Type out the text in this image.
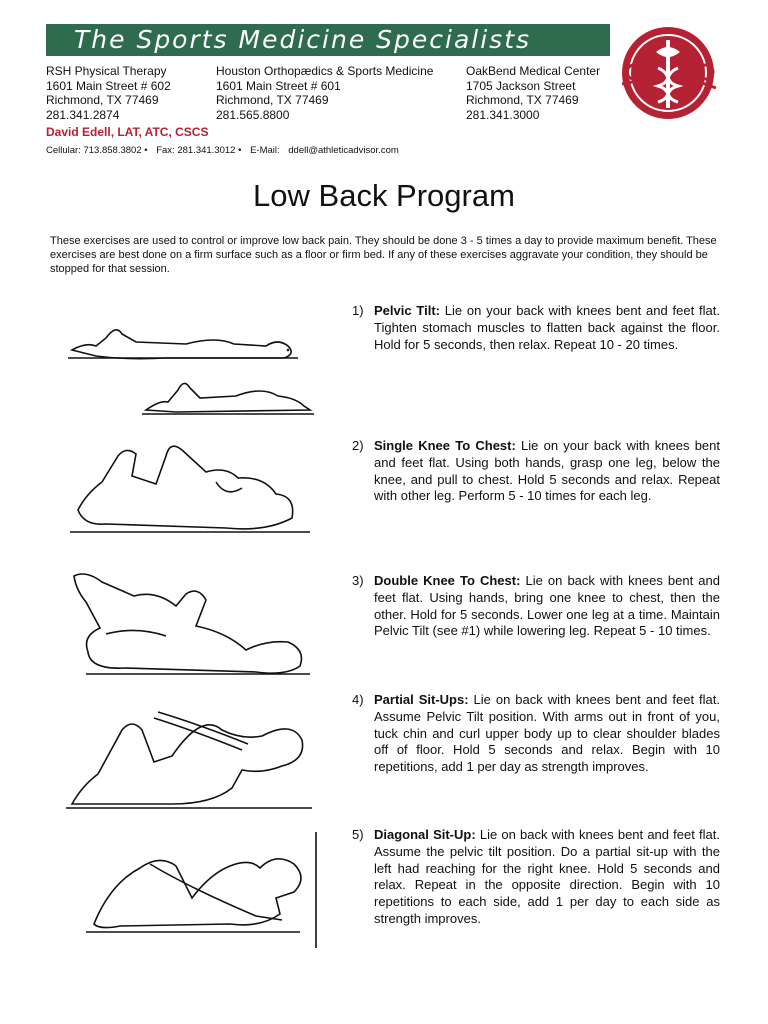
The Sports Medicine Specialists
RSH Physical Therapy
1601 Main Street # 602
Richmond, TX 77469
281.341.2874
Houston Orthopædics & Sports Medicine
1601 Main Street # 601
Richmond, TX 77469
281.565.8800
OakBend Medical Center
1705 Jackson Street
Richmond, TX 77469
281.341.3000
David Edell, LAT, ATC, CSCS
Cellular: 713.858.3802 • Fax: 281.341.3012 • E-Mail: ddell@athleticadvisor.com
Low Back Program
These exercises are used to control or improve low back pain. They should be done 3 - 5 times a day to provide maximum benefit. These exercises are best done on a firm surface such as a floor or firm bed. If any of these exercises aggravate your condition, they should be stopped for that session.
1) Pelvic Tilt: Lie on your back with knees bent and feet flat. Tighten stomach muscles to flatten back against the floor. Hold for 5 seconds, then relax. Repeat 10 - 20 times.
2) Single Knee To Chest: Lie on your back with knees bent and feet flat. Using both hands, grasp one leg, below the knee, and pull to chest. Hold 5 seconds and relax. Repeat with other leg. Perform 5 - 10 times for each leg.
3) Double Knee To Chest: Lie on back with knees bent and feet flat. Using hands, bring one knee to chest, then the other. Hold for 5 seconds. Lower one leg at a time. Maintain Pelvic Tilt (see #1) while lowering leg. Repeat 5 - 10 times.
4) Partial Sit-Ups: Lie on back with knees bent and feet flat. Assume Pelvic Tilt position. With arms out in front of you, tuck chin and curl upper body up to clear shoulder blades off of floor. Hold 5 seconds and relax. Begin with 10 repetitions, add 1 per day as strength improves.
5) Diagonal Sit-Up: Lie on back with knees bent and feet flat. Assume the pelvic tilt position. Do a partial sit-up with the left had reaching for the right knee. Hold 5 seconds and relax. Repeat in the opposite direction. Begin with 10 repetitions to each side, add 1 per day to each side as strength improves.
